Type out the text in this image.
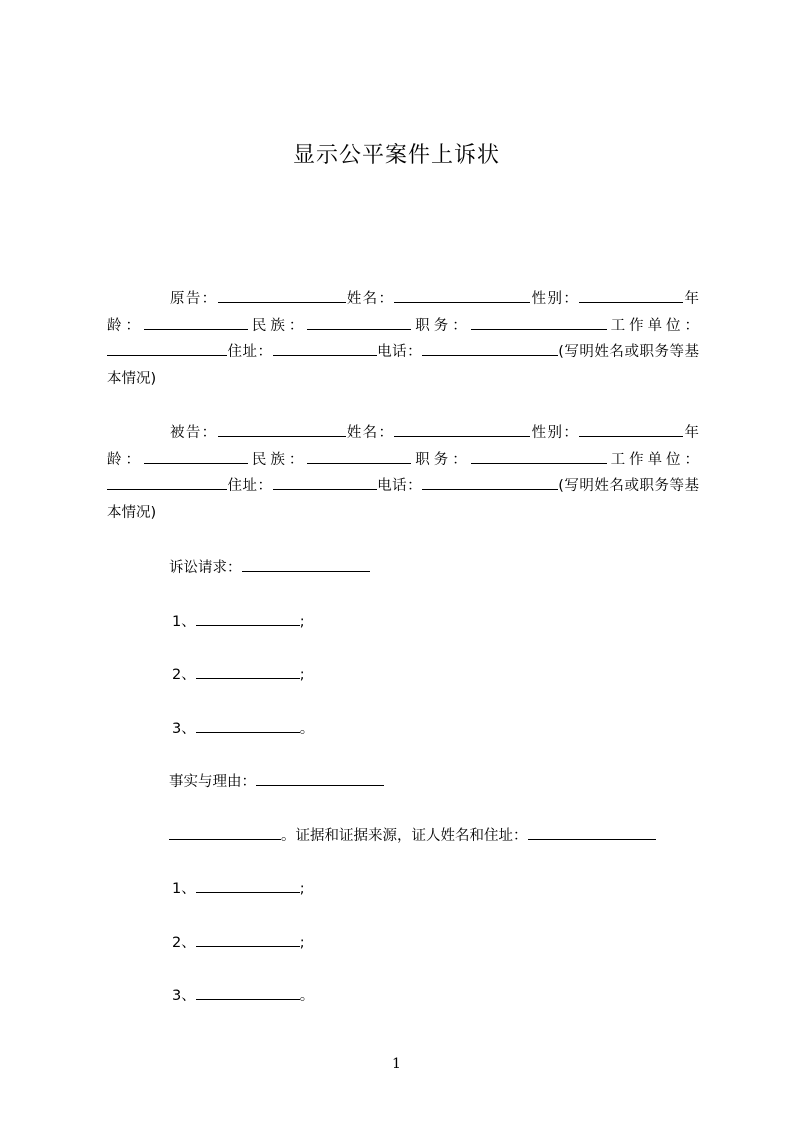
显示公平案件上诉状
原告：	姓名：	性别：	年龄：	民族：	职务：	工作单位：住址：	电话：	(写明姓名或职务等基本情况)
被告：	姓名：	性别：	年龄：	民族：	职务：	工作单位：住址：	电话：	(写明姓名或职务等基本情况)
诉讼请求：
1、	;
2、	;
3、	。
事实与理由：
。证据和证据来源，证人姓名和住址：
1、	;
2、	;
3、	。
1
